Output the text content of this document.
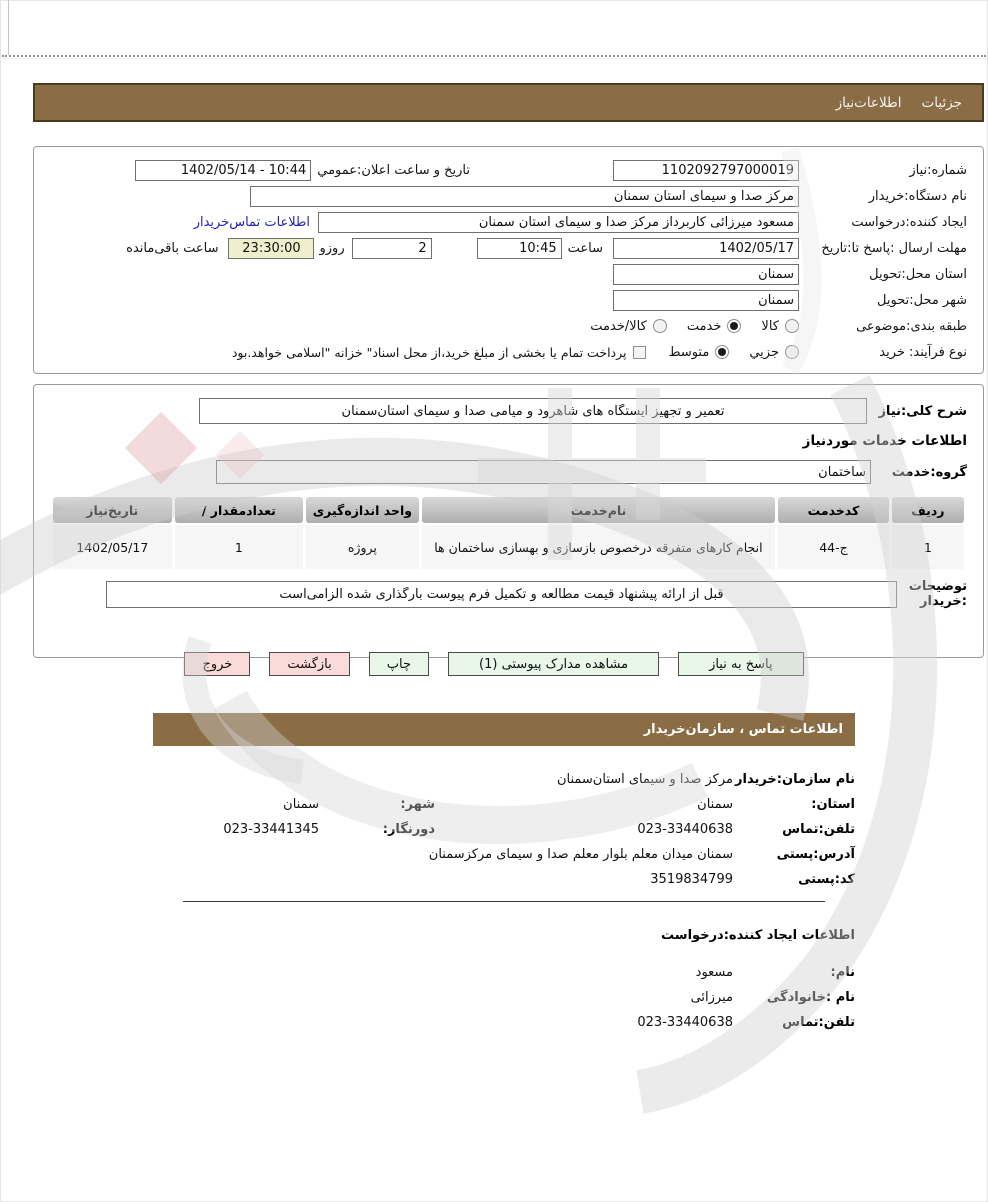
جزئیات
اطلاعات‌نیاز
شماره:نیاز
1102092797000019
تاریخ و ساعت اعلان:عمومي
10:44 - 1402/05/14
نام دستگاه:خریدار
مرکز صدا و سیمای استان سمنان
ایجاد کننده:درخواست
مسعود میرزائی کاربرداز مرکز صدا و سیمای استان سمنان
اطلاعات تماس‌خریدار
مهلت ارسال :پاسخ تا:تاریخ
1402/05/17
ساعت
10:45
2
روزو
23:30:00
ساعت باقی‌مانده
استان محل:تحویل
سمنان
شهر محل:تحویل
سمنان
طبقه بندی:موضوعی
کالا
خدمت
کالا/خدمت
نوع فرآیند: خرید
جزیي
متوسط
پرداخت تمام یا بخشی از مبلغ خرید،از محل اسناد" خزانه "اسلامی خواهد.بود
شرح کلی:نیاز
تعمیر و تجهیز ایستگاه های شاهرود و میامی صدا و سیمای استان‌سمنان
اطلاعات خدمات موردنیاز
گروه:خدمت
ساختمان
ردیف	کدخدمت	نام‌خدمت	واحد اندازه‌گیری	تعدادمقدار /	تاریخ‌نیاز
1	ج-44	انجام کارهای متفرقه درخصوص بازسازی و بهسازی ساختمان ها	پروژه	1	1402/05/17
توضیحات
:خریدار
قبل از ارائه پیشنهاد قیمت مطالعه و تکمیل فرم پیوست بارگذاری شده الزامی‌است
پاسخ به نیاز
مشاهده مدارک پیوستی (1)
چاپ
بازگشت
خروج
اطلاعات تماس ، سازمان‌خریدار
نام سازمان:خریدار
مرکز صدا و سیمای استان‌سمنان
استان:
سمنان
شهر:
سمنان
تلفن:تماس
023-33440638
دورنگار:
023-33441345
آدرس:پستی
سمنان میدان معلم بلوار معلم صدا و سیمای مرکزسمنان
کد:پستی
3519834799
اطلاعات ایجاد کننده:درخواست
نام:
مسعود
نام :خانوادگی
میرزائی
تلفن:تماس
023-33440638
